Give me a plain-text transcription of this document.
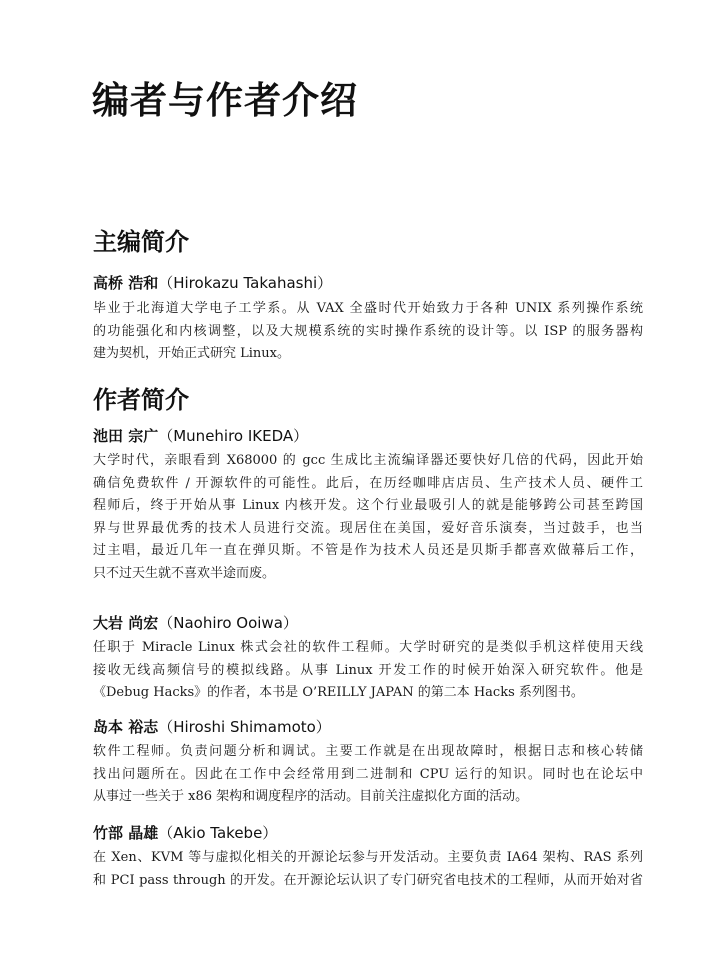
编者与作者介绍
主编简介
高桥 浩和（Hirokazu Takahashi）
毕业于北海道大学电子工学系。从 VAX 全盛时代开始致力于各种 UNIX 系列操作系统
的功能强化和内核调整，以及大规模系统的实时操作系统的设计等。以 ISP 的服务器构
建为契机，开始正式研究 Linux。
作者简介
池田 宗广（Munehiro IKEDA）
大学时代，亲眼看到 X68000 的 gcc 生成比主流编译器还要快好几倍的代码，因此开始
确信免费软件 / 开源软件的可能性。此后，在历经咖啡店店员、生产技术人员、硬件工
程师后，终于开始从事 Linux 内核开发。这个行业最吸引人的就是能够跨公司甚至跨国
界与世界最优秀的技术人员进行交流。现居住在美国，爱好音乐演奏，当过鼓手，也当
过主唱，最近几年一直在弹贝斯。不管是作为技术人员还是贝斯手都喜欢做幕后工作，
只不过天生就不喜欢半途而废。
大岩 尚宏（Naohiro Ooiwa）
任职于 Miracle Linux 株式会社的软件工程师。大学时研究的是类似手机这样使用天线
接收无线高频信号的模拟线路。从事 Linux 开发工作的时候开始深入研究软件。他是
《Debug Hacks》的作者，本书是 O’REILLY JAPAN 的第二本 Hacks 系列图书。
岛本 裕志（Hiroshi Shimamoto）
软件工程师。负责问题分析和调试。主要工作就是在出现故障时，根据日志和核心转储
找出问题所在。因此在工作中会经常用到二进制和 CPU 运行的知识。同时也在论坛中
从事过一些关于 x86 架构和调度程序的活动。目前关注虚拟化方面的活动。
竹部 晶雄（Akio Takebe）
在 Xen、KVM 等与虚拟化相关的开源论坛参与开发活动。主要负责 IA64 架构、RAS 系列
和 PCI pass through 的开发。在开源论坛认识了专门研究省电技术的工程师，从而开始对省
